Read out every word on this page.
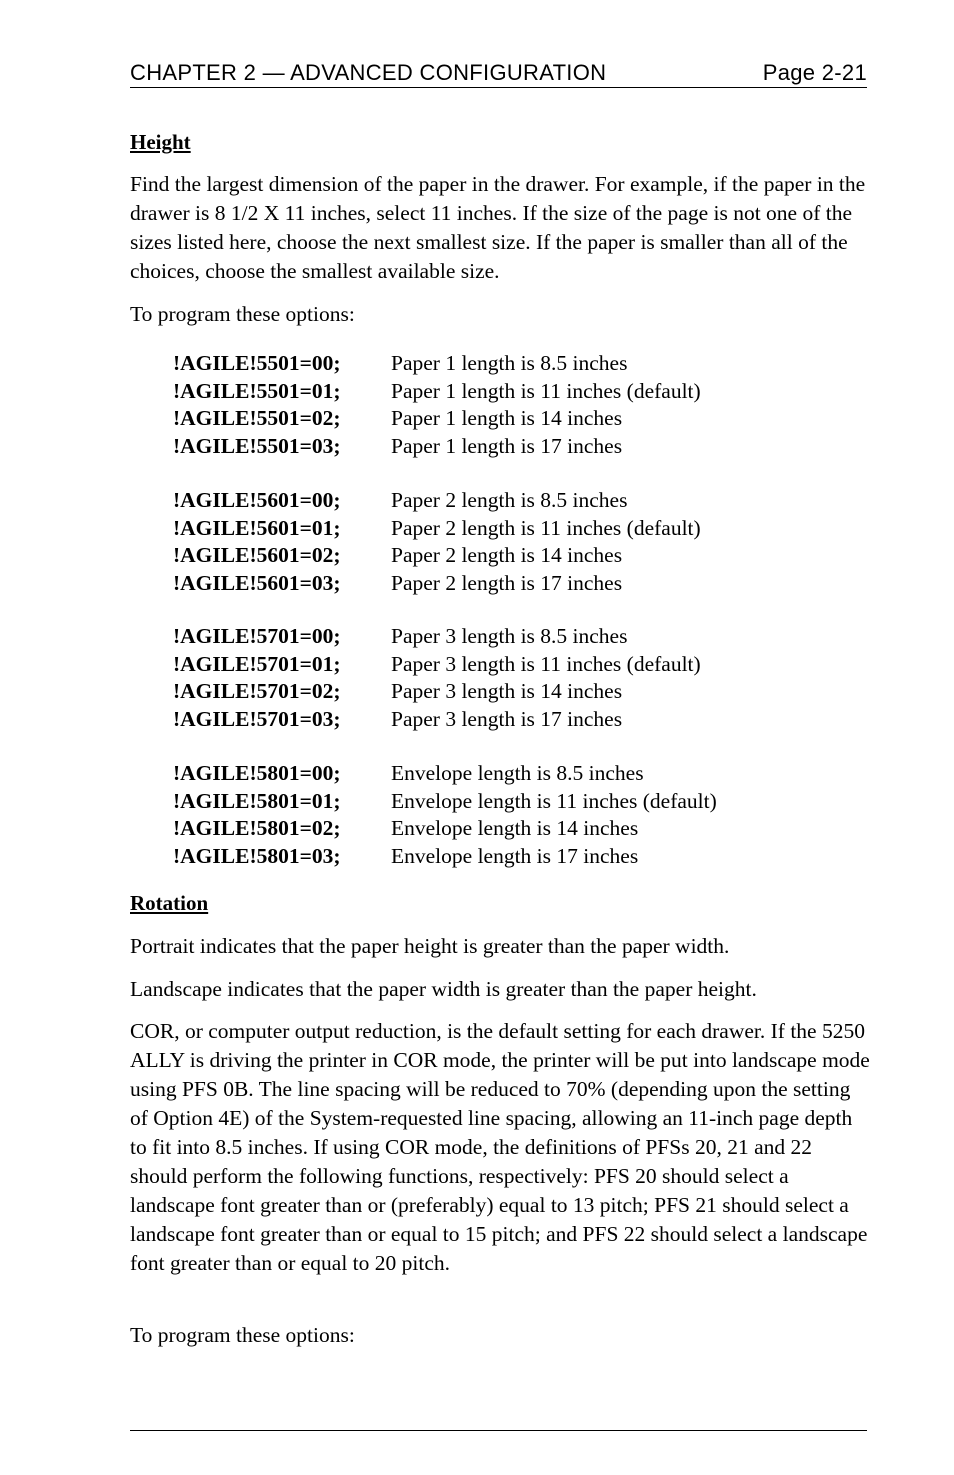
CHAPTER 2 — ADVANCED CONFIGURATION	Page 2-21
Height
Find the largest dimension of the paper in the drawer. For example, if the paper in the drawer is 8 1/2 X 11 inches, select 11 inches. If the size of the page is not one of the sizes listed here, choose the next smallest size. If the paper is smaller than all of the choices, choose the smallest available size.
To program these options:
!AGILE!5501=00;	Paper 1 length is 8.5 inches
!AGILE!5501=01;	Paper 1 length is 11 inches (default)
!AGILE!5501=02;	Paper 1 length is 14 inches
!AGILE!5501=03;	Paper 1 length is 17 inches
!AGILE!5601=00;	Paper 2 length is 8.5 inches
!AGILE!5601=01;	Paper 2 length is 11 inches (default)
!AGILE!5601=02;	Paper 2 length is 14 inches
!AGILE!5601=03;	Paper 2 length is 17 inches
!AGILE!5701=00;	Paper 3 length is 8.5 inches
!AGILE!5701=01;	Paper 3 length is 11 inches (default)
!AGILE!5701=02;	Paper 3 length is 14 inches
!AGILE!5701=03;	Paper 3 length is 17 inches
!AGILE!5801=00;	Envelope length is 8.5 inches
!AGILE!5801=01;	Envelope length is 11 inches (default)
!AGILE!5801=02;	Envelope length is 14 inches
!AGILE!5801=03;	Envelope length is 17 inches
Rotation
Portrait indicates that the paper height is greater than the paper width.
Landscape indicates that the paper width is greater than the paper height.
COR, or computer output reduction, is the default setting for each drawer. If the 5250 ALLY is driving the printer in COR mode, the printer will be put into landscape mode using PFS 0B. The line spacing will be reduced to 70% (depending upon the setting of Option 4E) of the System-requested line spacing, allowing an 11-inch page depth to fit into 8.5 inches. If using COR mode, the definitions of PFSs 20, 21 and 22 should perform the following functions, respectively: PFS 20 should select a landscape font greater than or (preferably) equal to 13 pitch; PFS 21 should select a landscape font greater than or equal to 15 pitch; and PFS 22 should select a landscape font greater than or equal to 20 pitch.
To program these options:
